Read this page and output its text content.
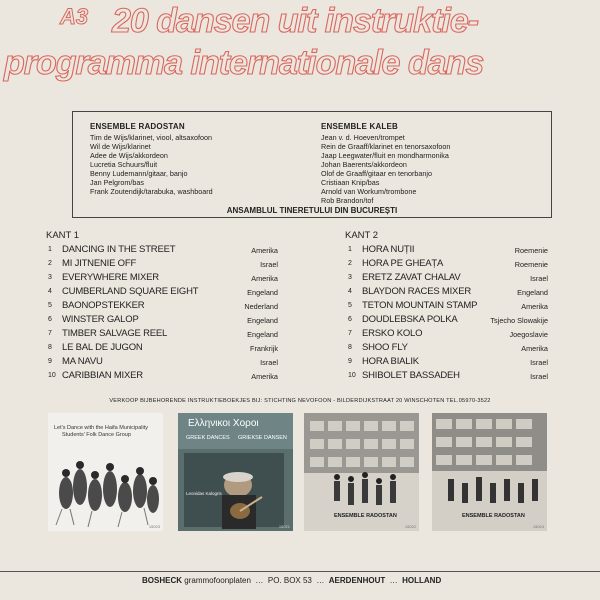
A3 20 dansen uit instruktie-
programma internationale dans
ENSEMBLE RADOSTAN
Tim de Wijs/klarinet, viool, altsaxofoon
Wil de Wijs/klarinet
Adee de Wijs/akkordeon
Lucretia Schuurs/fluit
Benny Ludemann/gitaar, banjo
Jan Pelgrom/bas
Frank Zoutendijk/tarabuka, washboard
ENSEMBLE KALEB
Jean v. d. Hoeven/trompet
Rein de Graaff/klarinet en tenorsaxofoon
Jaap Leegwater/fluit en mondharmonika
Johan Baerents/akkordeon
Olof de Graaff/gitaar en tenorbanjo
Cristiaan Knip/bas
Arnold van Workum/trombone
Rob Brandon/tof
ANSAMBLUL TINERETULUI DIN BUCUREȘTI
KANT 1
1	DANCING IN THE STREET	Amerika
2	MI JITNENIE OFF	Israel
3	EVERYWHERE MIXER	Amerika
4	CUMBERLAND SQUARE EIGHT	Engeland
5	BAONOPSTEKKER	Nederland
6	WINSTER GALOP	Engeland
7	TIMBER SALVAGE REEL	Engeland
8	LE BAL DE JUGON	Frankrijk
9	MA NAVU	Israel
10 CARIBBIAN MIXER	Amerika
KANT 2
1	HORA NUȚII	Roemenie
2	HORA PE GHEAȚA	Roemenie
3	ERETZ ZAVAT CHALAV	Israel
4	BLAYDON RACES MIXER	Engeland
5	TETON MOUNTAIN STAMP	Amerika
6	DOUDLEBSKA POLKA	Tsjecho Slowakije
7	ERSKO KOLO	Joegoslavie
8	SHOO FLY	Amerika
9	HORA BIALIK	Israel
10 SHIBOLET BASSADEH	Israel
VERKOOP BIJBEHORENDE INSTRUKTIEBOEKJES BIJ: STICHTING NEVOFOON - BILDERDIJKSTRAAT 20 WINSCHOTEN TEL.05970-3522
Let's Dance with the Haifa Municipality
Students' Folk Dance Group
15023
Ελληνικοι Χοροι
GREEK DANCES GRIEKSE DANSEN
Leonidas Kalogris
15021
ENSEMBLE RADOSTAN
15022
ENSEMBLE RADOSTAN
15024
BOSHECK grammofoonplaten  …  PO. BOX 53  …  AERDENHOUT  …  HOLLAND
